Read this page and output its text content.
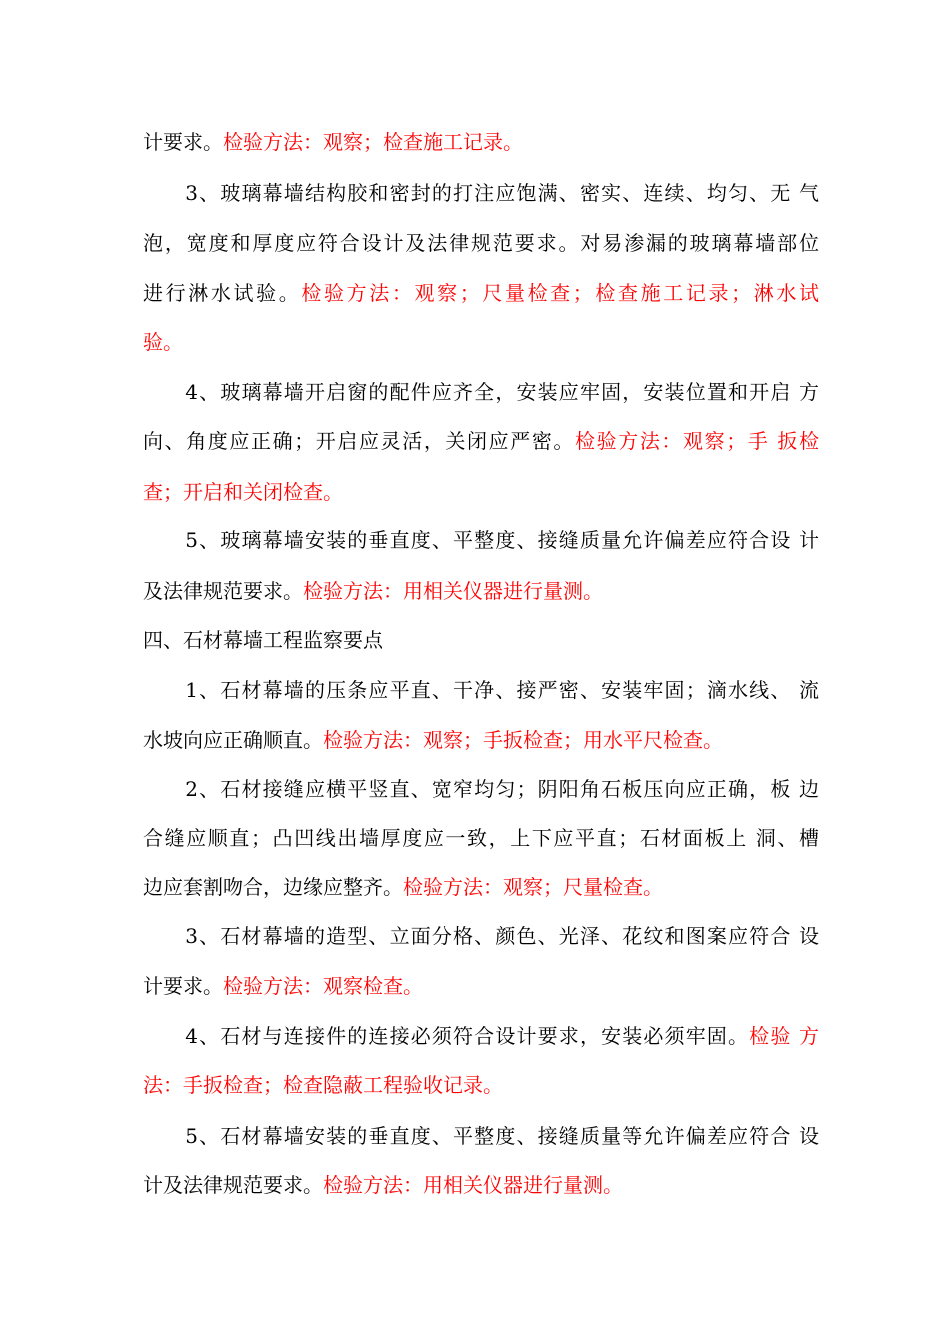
计要求。检验方法：观察；检查施工记录。
　　3、玻璃幕墙结构胶和密封的打注应饱满、密实、连续、均匀、无 气
泡，宽度和厚度应符合设计及法律规范要求。对易渗漏的玻璃幕墙部位
进行淋水试验。检验方法：观察；尺量检查；检查施工记录；淋水试
验。
　　4、玻璃幕墙开启窗的配件应齐全，安装应牢固，安装位置和开启 方
向、角度应正确；开启应灵活，关闭应严密。检验方法：观察；手 扳检
查；开启和关闭检查。
　　5、玻璃幕墙安装的垂直度、平整度、接缝质量允许偏差应符合设 计
及法律规范要求。检验方法：用相关仪器进行量测。
四、石材幕墙工程监察要点
　　1、石材幕墙的压条应平直、干净、接严密、安装牢固；滴水线、 流
水坡向应正确顺直。检验方法：观察；手扳检查；用水平尺检查。
　　2、石材接缝应横平竖直、宽窄均匀；阴阳角石板压向应正确，板 边
合缝应顺直；凸凹线出墙厚度应一致，上下应平直；石材面板上 洞、槽
边应套割吻合，边缘应整齐。检验方法：观察；尺量检查。
　　3、石材幕墙的造型、立面分格、颜色、光泽、花纹和图案应符合 设
计要求。检验方法：观察检查。
　　4、石材与连接件的连接必须符合设计要求，安装必须牢固。检验 方
法：手扳检查；检查隐蔽工程验收记录。
　　5、石材幕墙安装的垂直度、平整度、接缝质量等允许偏差应符合 设
计及法律规范要求。检验方法：用相关仪器进行量测。
